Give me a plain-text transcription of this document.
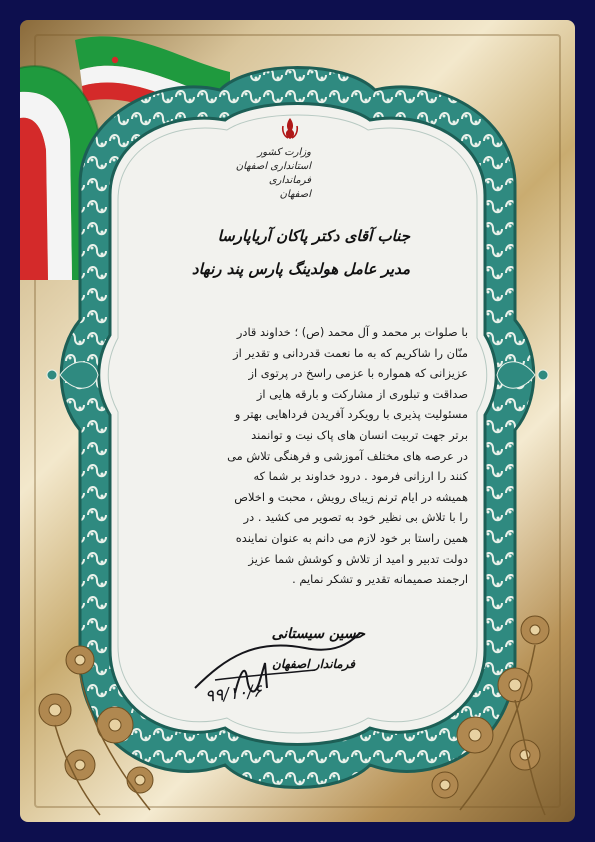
وزارت کشور
استانداری اصفهان
فرمانداری اصفهان
جناب آقای دکتر پاکان آریاپارسا
مدیر عامل هولدینگ پارس پند رنهاد

با صلوات بر محمد و آل محمد (ص) ؛ خداوند قادر

منّان را شاکریم که به ما نعمت قدردانی و تقدیر از

عزیزانی که همواره با عزمی راسخ در پرتوی از

صداقت و تبلوری از مشارکت و بارقه هایی از

مسئولیت پذیری با رویکرد آفریدن فرداهایی بهتر و

برتر جهت تربیت انسان های پاک نیت و توانمند

در عرصه های مختلف آموزشی و فرهنگی تلاش می

کنند را ارزانی فرمود . درود خداوند بر شما که

همیشه در ایام ترنم زیبای رویش ، محبت و اخلاص

را با تلاش بی نظیر خود به تصویر می کشید . در

همین راستا بر خود لازم می دانم به عنوان نماینده

دولت تدبیر و امید از تلاش و کوشش شما عزیز

ارجمند صمیمانه تقدیر و تشکر نمایم .

حسین سیستانی
فرماندار اصفهان
۹۹/۱۰/۶
